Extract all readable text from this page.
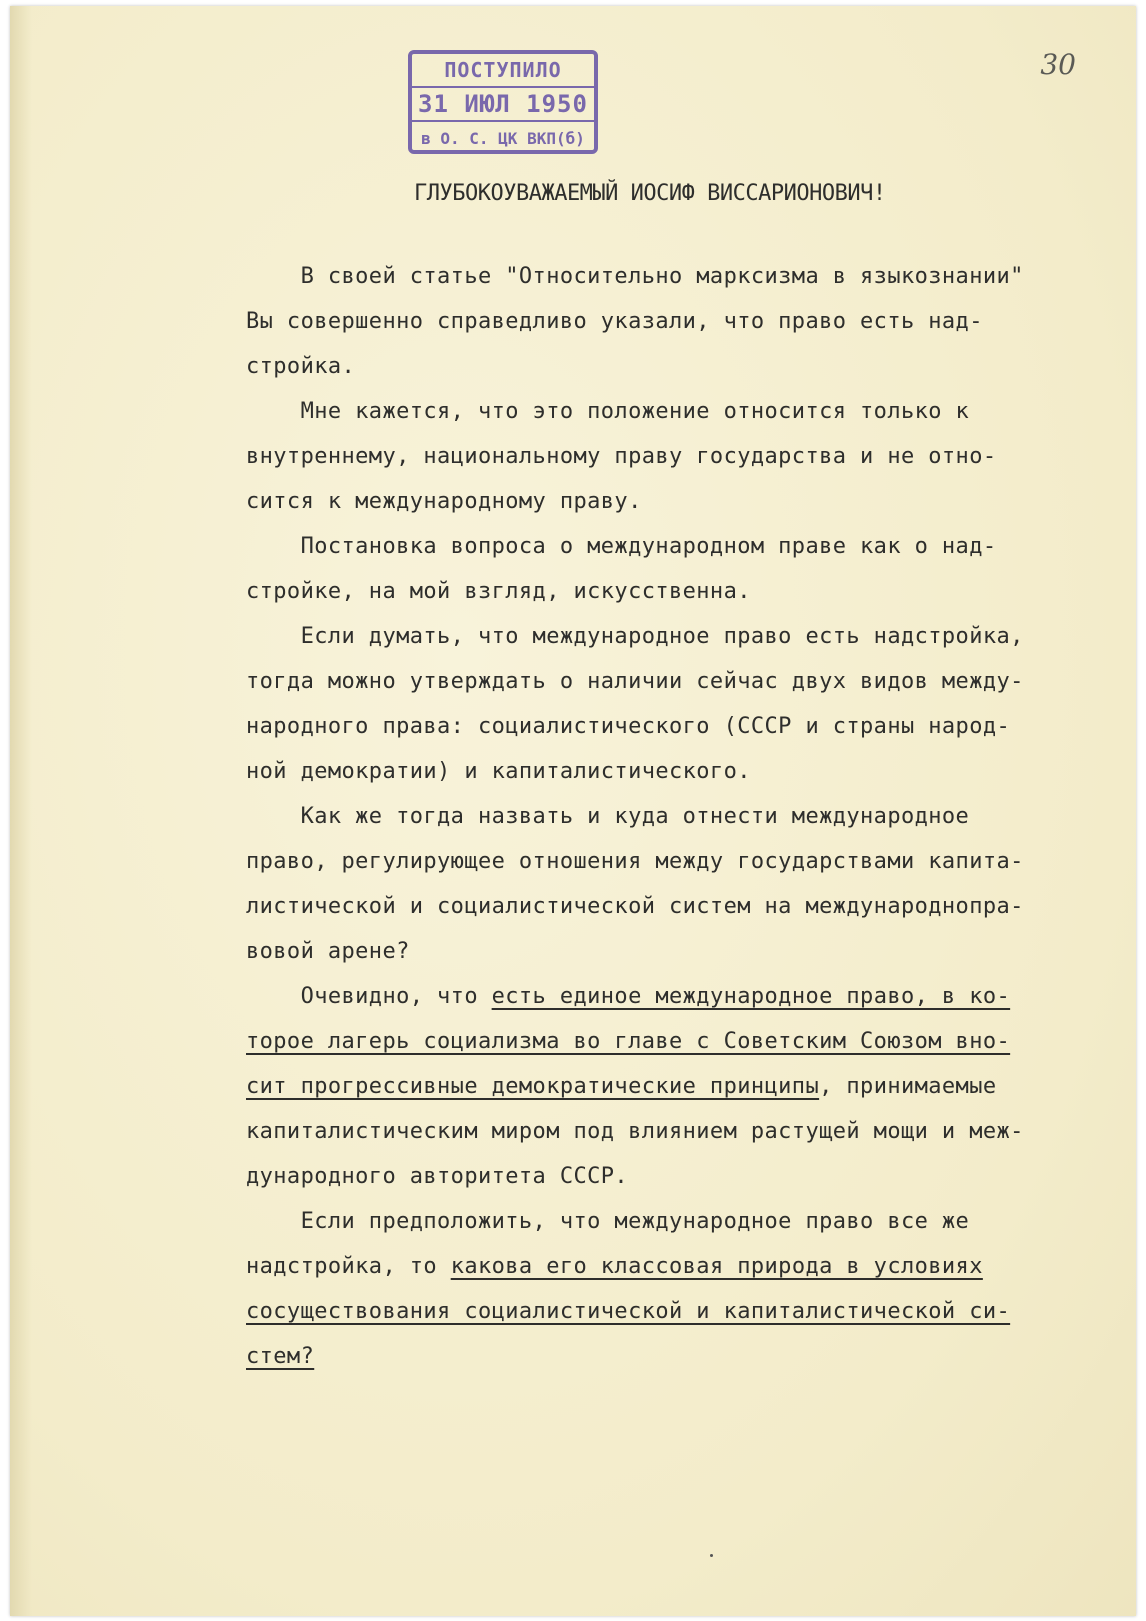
30
ПОСТУПИЛО
31 ИЮЛ 1950
в О. С. ЦК ВКП(б)
ГЛУБОКОУВАЖАЕМЫЙ ИОСИФ ВИССАРИОНОВИЧ!
В своей статье "Относительно марксизма в языкознании"
Вы совершенно справедливо указали, что право есть над-
стройка.
Мне кажется, что это положение относится только к
внутреннему, национальному праву государства и не отно-
сится к международному праву.
Постановка вопроса о международном праве как о над-
стройке, на мой взгляд, искусственна.
Если думать, что международное право есть надстройка,
тогда можно утверждать о наличии сейчас двух видов между-
народного права: социалистического (СССР и страны народ-
ной демократии) и капиталистического.
Как же тогда назвать и куда отнести международное
право, регулирующее отношения между государствами капита-
листической и социалистической систем на международнопра-
вовой арене?
Очевидно, что есть единое международное право, в ко-
торое лагерь социализма во главе с Советским Союзом вно-
сит прогрессивные демократические принципы, принимаемые
капиталистическим миром под влиянием растущей мощи и меж-
дународного авторитета СССР.
Если предположить, что международное право все же
надстройка, то какова его классовая природа в условиях
сосуществования социалистической и капиталистической си-
стем?
